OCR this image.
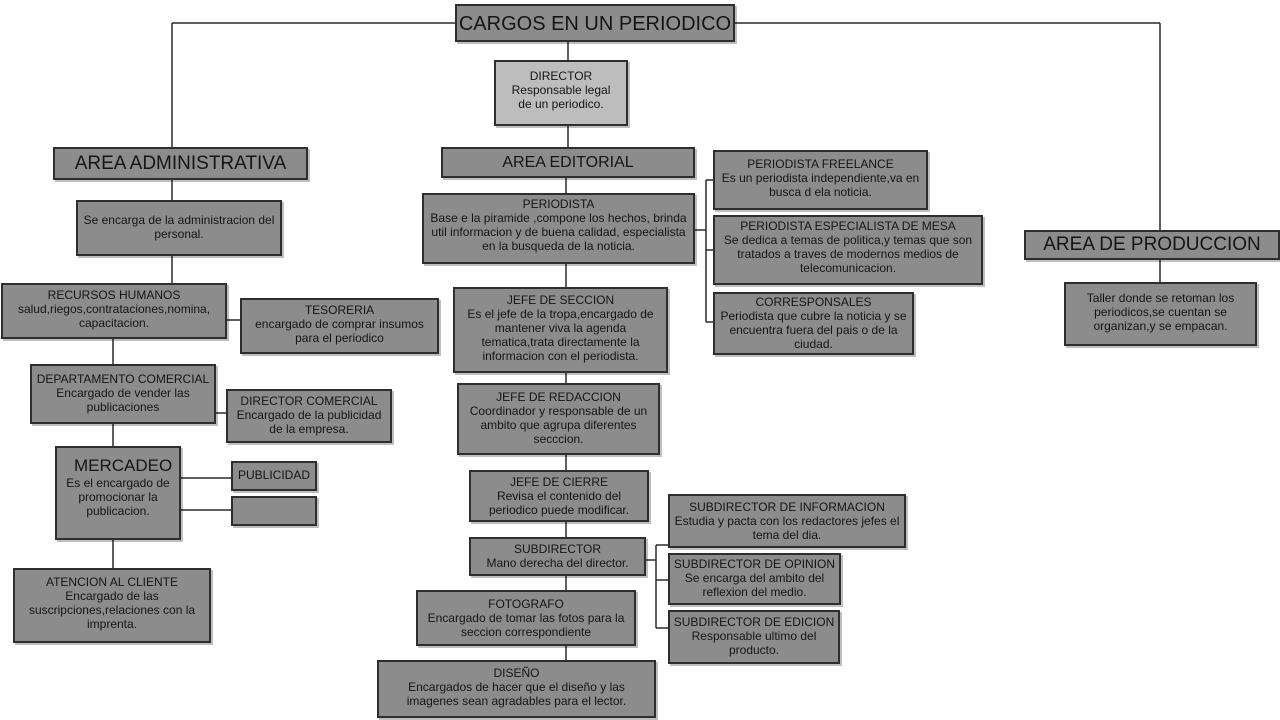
CARGOS EN UN PERIODICO
DIRECTOR
Responsable legal de un periodico.
AREA ADMINISTRATIVA	AREA EDITORIAL
AREA DE PRODUCCION
Se encarga de la administracion del personal.
RECURSOS HUMANOS
salud,riegos,contrataciones,nomina, capacitacion.
TESORERIA
encargado de comprar insumos para el periodico
DEPARTAMENTO COMERCIAL
Encargado de vender las publicaciones	DIRECTOR COMERCIAL
Encargado de la publicidad de la empresa.
MERCADEO
Es el encargado de promocionar la publicacion.
PUBLICIDAD
ATENCION AL CLIENTE
Encargado de las suscripciones,relaciones con la imprenta.
PERIODISTA
Base e la piramide ,compone los hechos, brinda util informacion y de buena calidad, especialista en la busqueda de la noticia.
PERIODISTA FREELANCE
Es un periodista independiente,va en busca d ela noticia.
PERIODISTA ESPECIALISTA DE MESA
Se dedica a temas de politica,y temas que son tratados a traves de modernos medios de telecomunicacion.
CORRESPONSALES
Periodista que cubre la noticia y se encuentra fuera del pais o de la ciudad.
JEFE DE SECCION
Es el jefe de la tropa,encargado de mantener viva la agenda tematica,trata directamente la informacion con el periodista.
JEFE DE REDACCION
Coordinador y responsable de un ambito que agrupa diferentes secccion.
JEFE DE CIERRE
Revisa el contenido del periodico puede modificar.	SUBDIRECTOR DE INFORMACION
Estudia y pacta con los redactores jefes el tema del dia.
SUBDIRECTOR
Mano derecha del director.	SUBDIRECTOR DE OPINION
Se encarga del ambito del reflexion del medio.
FOTOGRAFO
Encargado de tomar las fotos para la seccion correspondiente
SUBDIRECTOR DE EDICION
Responsable ultimo del producto.
DISEÑO
Encargados de hacer que el diseño y las imagenes sean agradables para el lector.
Taller donde se retoman los periodicos,se cuentan se organizan,y se empacan.
